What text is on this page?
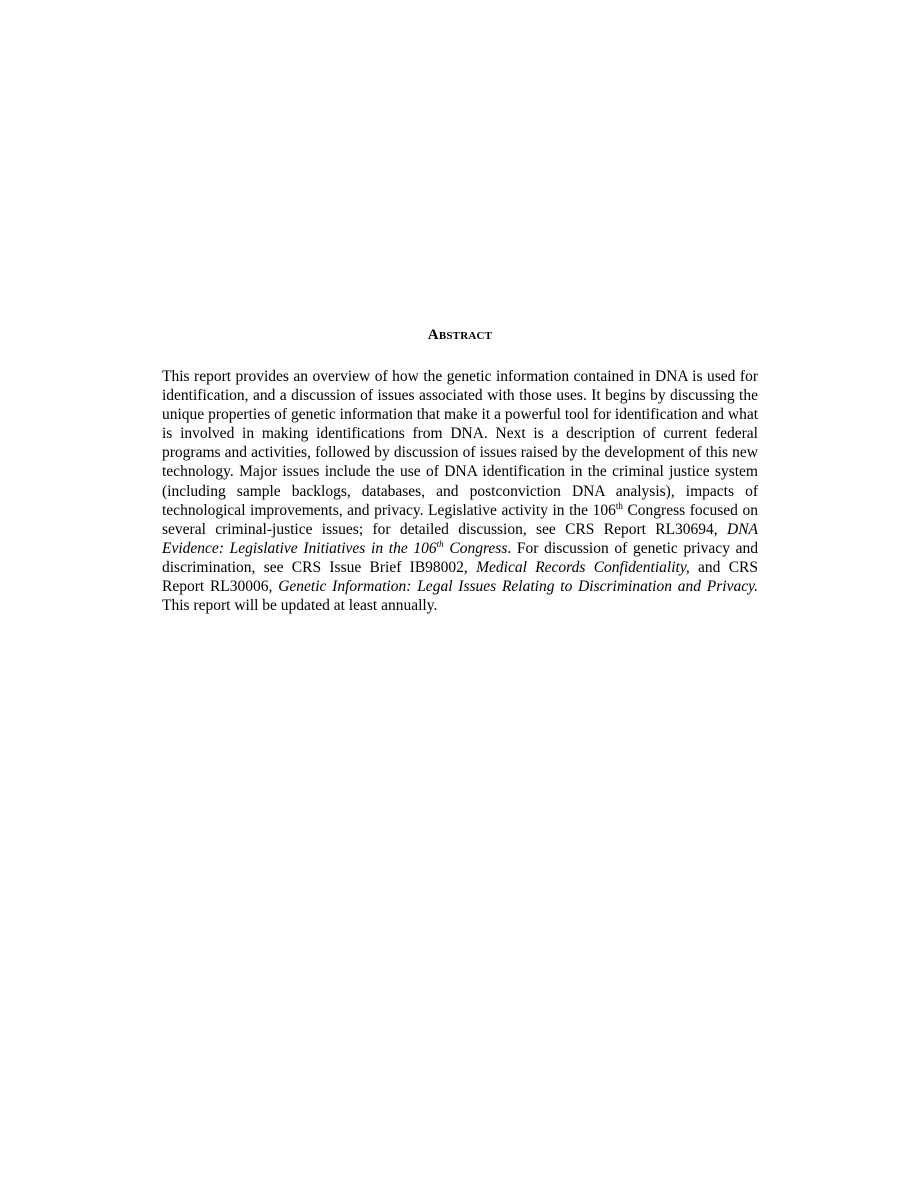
Abstract

This report provides an overview of how the genetic information contained in DNA is used for identification, and a discussion of issues associated with those uses. It begins by discussing the unique properties of genetic information that make it a powerful tool for identification and what is involved in making identifications from DNA. Next is a description of current federal programs and activities, followed by discussion of issues raised by the development of this new technology. Major issues include the use of DNA identification in the criminal justice system (including sample backlogs, databases, and postconviction DNA analysis), impacts of technological improvements, and privacy. Legislative activity in the 106th Congress focused on several criminal-justice issues; for detailed discussion, see CRS Report RL30694, DNA Evidence: Legislative Initiatives in the 106th Congress. For discussion of genetic privacy and discrimination, see CRS Issue Brief IB98002, Medical Records Confidentiality, and CRS Report RL30006, Genetic Information: Legal Issues Relating to Discrimination and Privacy. This report will be updated at least annually.
